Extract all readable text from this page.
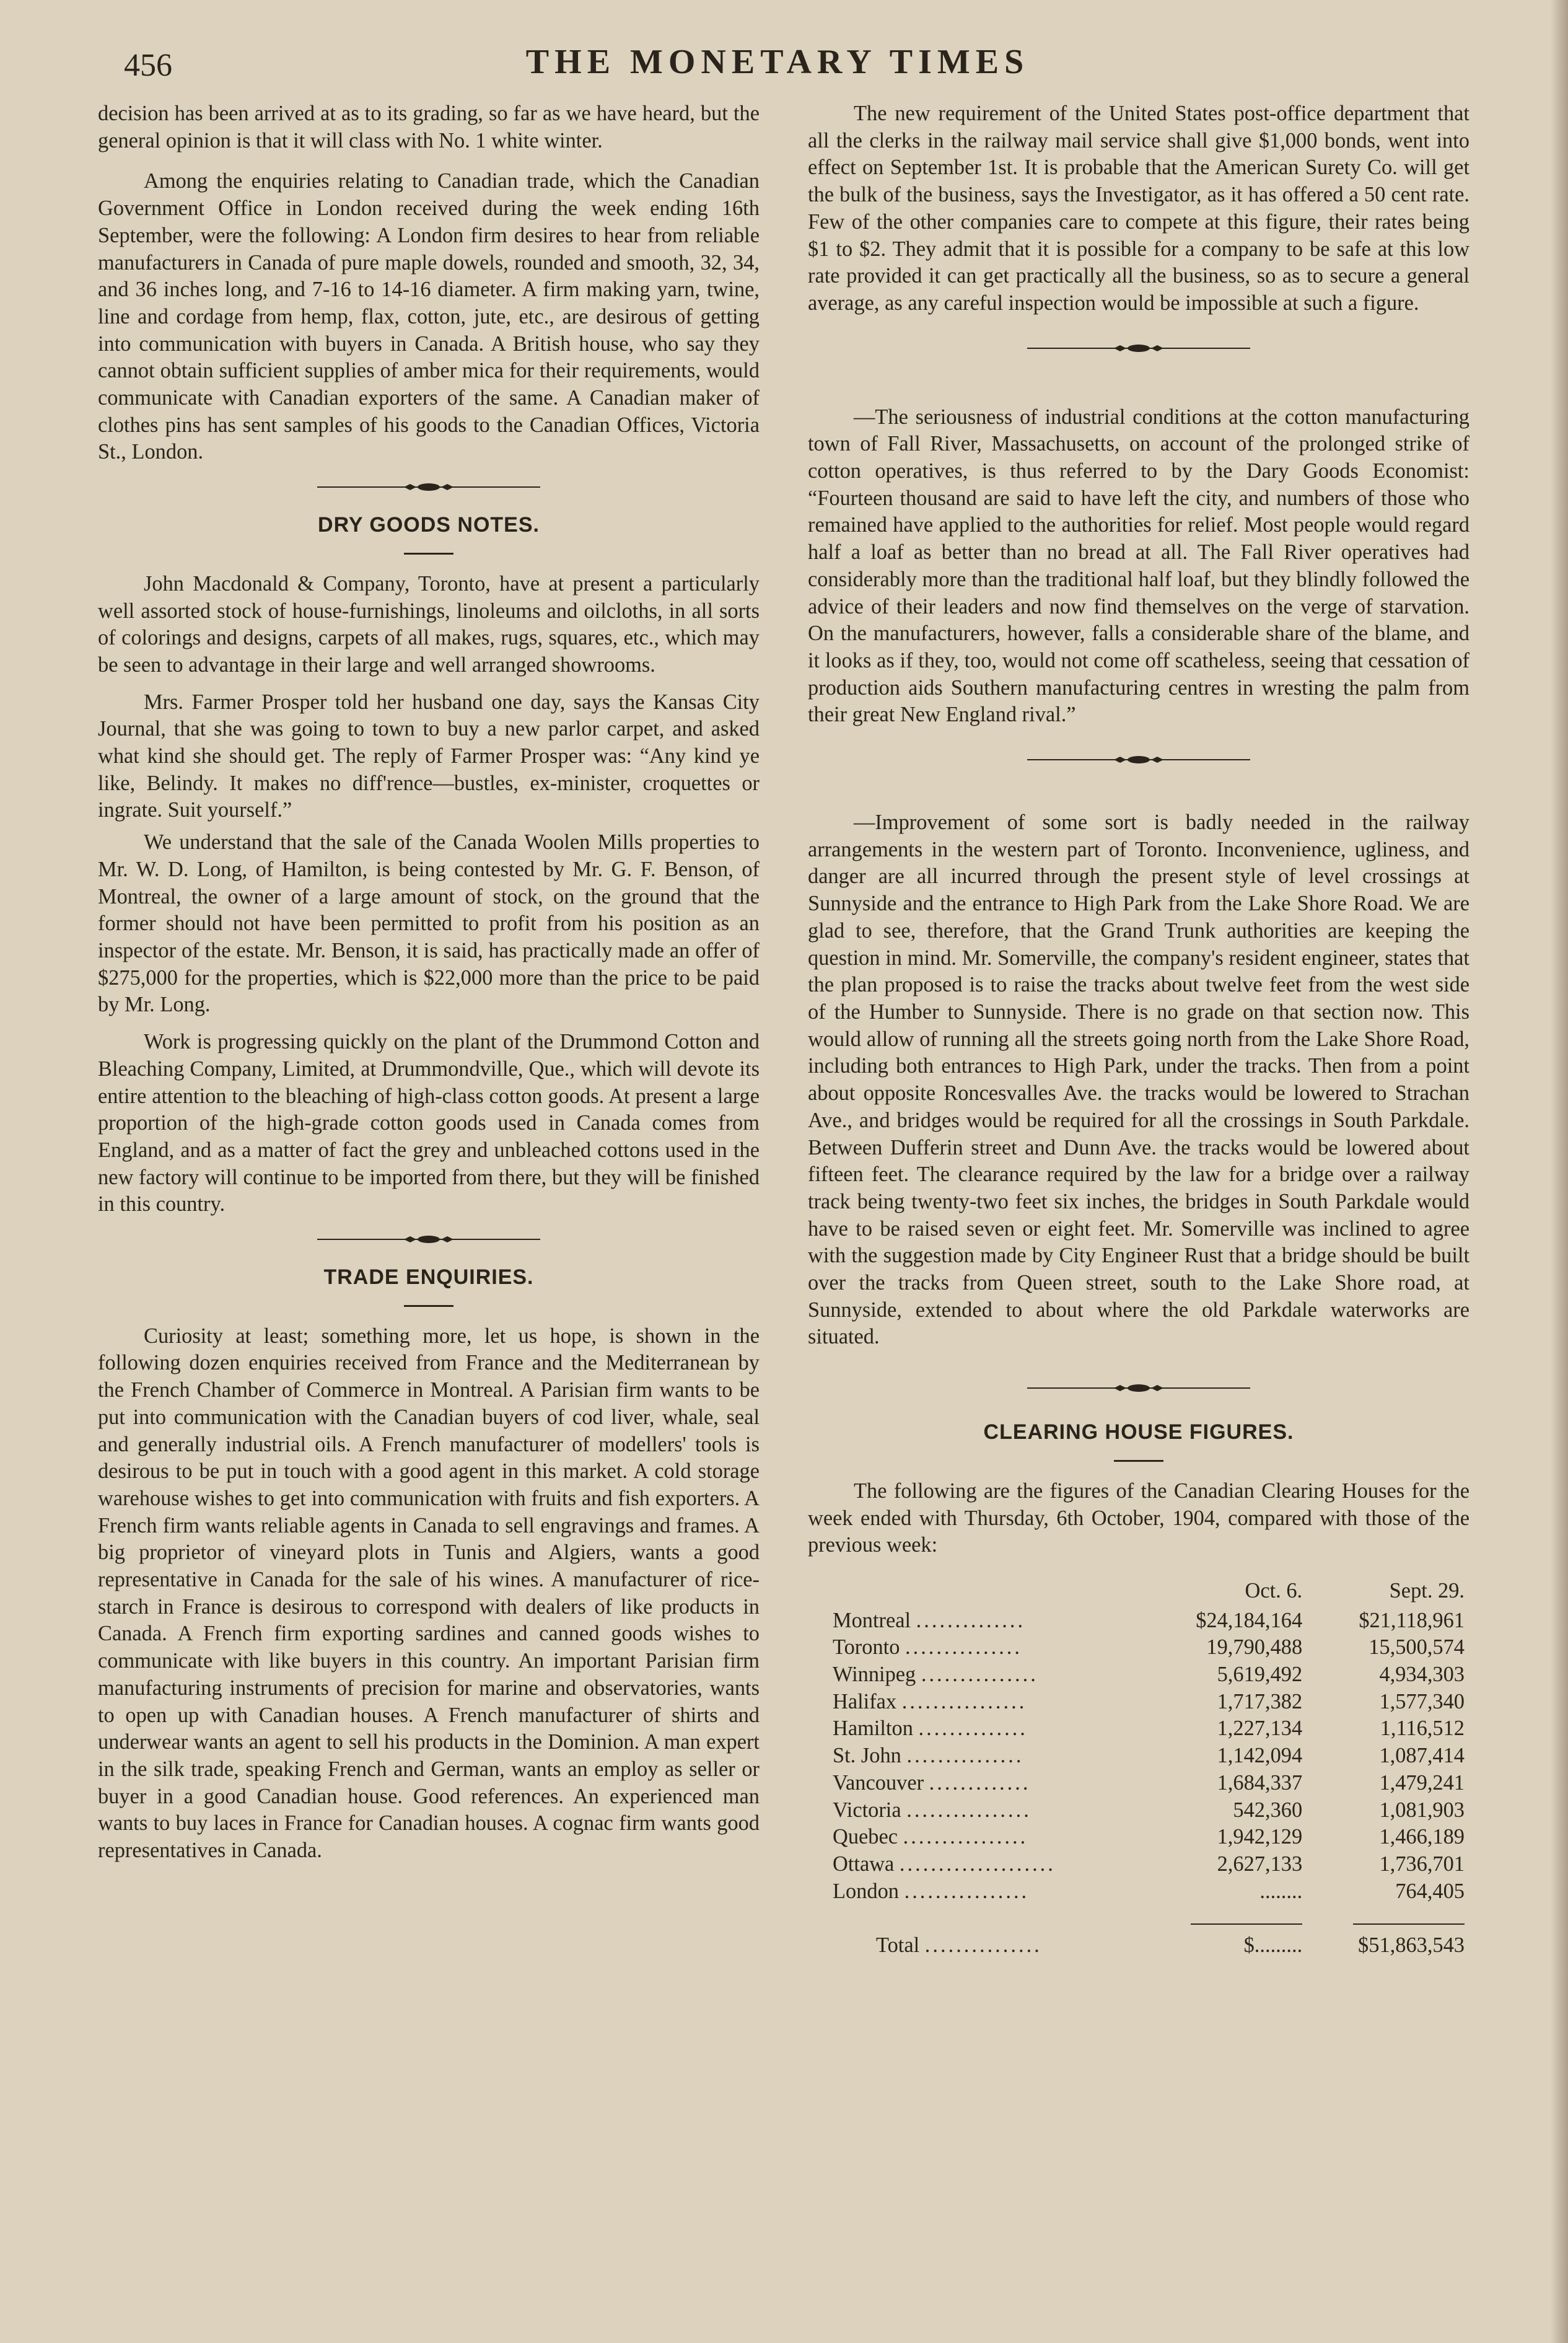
456	THE MONETARY TIMES

decision has been arrived at as to its grading, so far as we have heard, but the general opinion is that it will class with No. 1 white winter.

Among the enquiries relating to Canadian trade, which the Canadian Government Office in London received during the week ending 16th September, were the following: A London firm desires to hear from reliable manufacturers in Canada of pure maple dowels, rounded and smooth, 32, 34, and 36 inches long, and 7-16 to 14-16 diameter. A firm making yarn, twine, line and cordage from hemp, flax, cotton, jute, etc., are desirous of getting into communication with buyers in Canada. A British house, who say they cannot obtain sufficient supplies of amber mica for their requirements, would communicate with Canadian exporters of the same. A Canadian maker of clothes pins has sent samples of his goods to the Canadian Offices, Victoria St., London.

DRY GOODS NOTES.

John Macdonald & Company, Toronto, have at present a particularly well assorted stock of house-furnishings, linoleums and oilcloths, in all sorts of colorings and designs, carpets of all makes, rugs, squares, etc., which may be seen to advantage in their large and well arranged showrooms.

Mrs. Farmer Prosper told her husband one day, says the Kansas City Journal, that she was going to town to buy a new parlor carpet, and asked what kind she should get. The reply of Farmer Prosper was: “Any kind ye like, Belindy. It makes no diff'rence—bustles, ex-minister, croquettes or ingrate. Suit yourself.”

We understand that the sale of the Canada Woolen Mills properties to Mr. W. D. Long, of Hamilton, is being contested by Mr. G. F. Benson, of Montreal, the owner of a large amount of stock, on the ground that the former should not have been permitted to profit from his position as an inspector of the estate. Mr. Benson, it is said, has practically made an offer of $275,000 for the properties, which is $22,000 more than the price to be paid by Mr. Long.

Work is progressing quickly on the plant of the Drummond Cotton and Bleaching Company, Limited, at Drummondville, Que., which will devote its entire attention to the bleaching of high-class cotton goods. At present a large proportion of the high-grade cotton goods used in Canada comes from England, and as a matter of fact the grey and unbleached cottons used in the new factory will continue to be imported from there, but they will be finished in this country.

TRADE ENQUIRIES.

Curiosity at least; something more, let us hope, is shown in the following dozen enquiries received from France and the Mediterranean by the French Chamber of Commerce in Montreal. A Parisian firm wants to be put into communication with the Canadian buyers of cod liver, whale, seal and generally industrial oils. A French manufacturer of modellers' tools is desirous to be put in touch with a good agent in this market. A cold storage warehouse wishes to get into communication with fruits and fish exporters. A French firm wants reliable agents in Canada to sell engravings and frames. A big proprietor of vineyard plots in Tunis and Algiers, wants a good representative in Canada for the sale of his wines. A manufacturer of rice-starch in France is desirous to correspond with dealers of like products in Canada. A French firm exporting sardines and canned goods wishes to communicate with like buyers in this country. An important Parisian firm manufacturing instruments of precision for marine and observatories, wants to open up with Canadian houses. A French manufacturer of shirts and underwear wants an agent to sell his products in the Dominion. A man expert in the silk trade, speaking French and German, wants an employ as seller or buyer in a good Canadian house. Good references. An experienced man wants to buy laces in France for Canadian houses. A cognac firm wants good representatives in Canada.

The new requirement of the United States post-office department that all the clerks in the railway mail service shall give $1,000 bonds, went into effect on September 1st. It is probable that the American Surety Co. will get the bulk of the business, says the Investigator, as it has offered a 50 cent rate. Few of the other companies care to compete at this figure, their rates being $1 to $2. They admit that it is possible for a company to be safe at this low rate provided it can get practically all the business, so as to secure a general average, as any careful inspection would be impossible at such a figure.

—The seriousness of industrial conditions at the cotton manufacturing town of Fall River, Massachusetts, on account of the prolonged strike of cotton operatives, is thus referred to by the Dary Goods Economist: “Fourteen thousand are said to have left the city, and numbers of those who remained have applied to the authorities for relief. Most people would regard half a loaf as better than no bread at all. The Fall River operatives had considerably more than the traditional half loaf, but they blindly followed the advice of their leaders and now find themselves on the verge of starvation. On the manufacturers, however, falls a considerable share of the blame, and it looks as if they, too, would not come off scatheless, seeing that cessation of production aids Southern manufacturing centres in wresting the palm from their great New England rival.”

—Improvement of some sort is badly needed in the railway arrangements in the western part of Toronto. Inconvenience, ugliness, and danger are all incurred through the present style of level crossings at Sunnyside and the entrance to High Park from the Lake Shore Road. We are glad to see, therefore, that the Grand Trunk authorities are keeping the question in mind. Mr. Somerville, the company's resident engineer, states that the plan proposed is to raise the tracks about twelve feet from the west side of the Humber to Sunnyside. There is no grade on that section now. This would allow of running all the streets going north from the Lake Shore Road, including both entrances to High Park, under the tracks. Then from a point about opposite Roncesvalles Ave. the tracks would be lowered to Strachan Ave., and bridges would be required for all the crossings in South Parkdale. Between Dufferin street and Dunn Ave. the tracks would be lowered about fifteen feet. The clearance required by the law for a bridge over a railway track being twenty-two feet six inches, the bridges in South Parkdale would have to be raised seven or eight feet. Mr. Somerville was inclined to agree with the suggestion made by City Engineer Rust that a bridge should be built over the tracks from Queen street, south to the Lake Shore road, at Sunnyside, extended to about where the old Parkdale waterworks are situated.

CLEARING HOUSE FIGURES.

The following are the figures of the Canadian Clearing Houses for the week ended with Thursday, 6th October, 1904, compared with those of the previous week:

	Oct. 6.	Sept. 29.
Montreal ..............	$24,184,164	$21,118,961
Toronto ...............	19,790,488	15,500,574
Winnipeg ...............	5,619,492	4,934,303
Halifax ................	1,717,382	1,577,340
Hamilton ..............	1,227,134	1,116,512
St. John ...............	1,142,094	1,087,414
Vancouver .............	1,684,337	1,479,241
Victoria ................	542,360	1,081,903
Quebec ................	1,942,129	1,466,189
Ottawa ....................	2,627,133	1,736,701
London ................	........	764,405

Total ...............	$.........	$51,863,543
